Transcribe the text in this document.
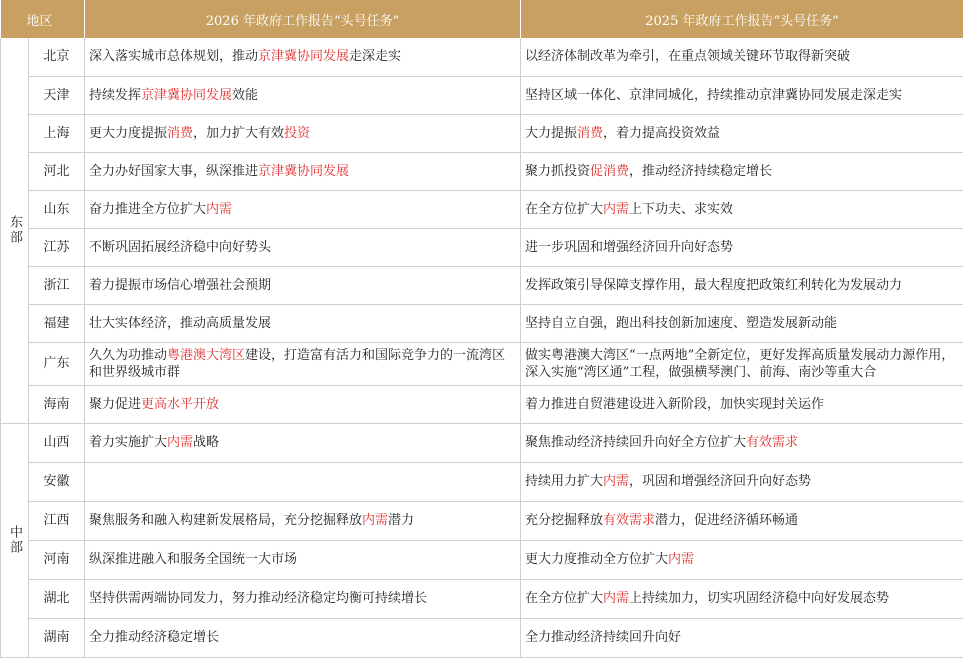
地区		2026 年政府工作报告“头号任务”	2025 年政府工作报告“头号任务”
东部	北京	深入落实城市总体规划，推动京津冀协同发展走深走实	以经济体制改革为牵引，在重点领域关键环节取得新突破
	天津	持续发挥京津冀协同发展效能	坚持区域一体化、京津同城化，持续推动京津冀协同发展走深走实
	上海	更大力度提振消费，加力扩大有效投资	大力提振消费，着力提高投资效益
	河北	全力办好国家大事，纵深推进京津冀协同发展	聚力抓投资促消费，推动经济持续稳定增长
	山东	奋力推进全方位扩大内需	在全方位扩大内需上下功夫、求实效
	江苏	不断巩固拓展经济稳中向好势头	进一步巩固和增强经济回升向好态势
	浙江	着力提振市场信心增强社会预期	发挥政策引导保障支撑作用，最大程度把政策红利转化为发展动力
	福建	壮大实体经济，推动高质量发展	坚持自立自强，跑出科技创新加速度、塑造发展新动能
	广东	久久为功推动粤港澳大湾区建设，打造富有活力和国际竞争力的一流湾区和世界级城市群	做实粤港澳大湾区“一点两地”全新定位，更好发挥高质量发展动力源作用，深入实施“湾区通”工程，做强横琴澳门、前海、南沙等重大合
	海南	聚力促进更高水平开放	着力推进自贸港建设进入新阶段，加快实现封关运作
中部	山西	着力实施扩大内需战略	聚焦推动经济持续回升向好全方位扩大有效需求
	安徽		持续用力扩大内需，巩固和增强经济回升向好态势
	江西	聚焦服务和融入构建新发展格局，充分挖掘释放内需潜力	充分挖掘释放有效需求潜力，促进经济循环畅通
	河南	纵深推进融入和服务全国统一大市场	更大力度推动全方位扩大内需
	湖北	坚持供需两端协同发力，努力推动经济稳定均衡可持续增长	在全方位扩大内需上持续加力，切实巩固经济稳中向好发展态势
	湖南	全力推动经济稳定增长	全力推动经济持续回升向好
